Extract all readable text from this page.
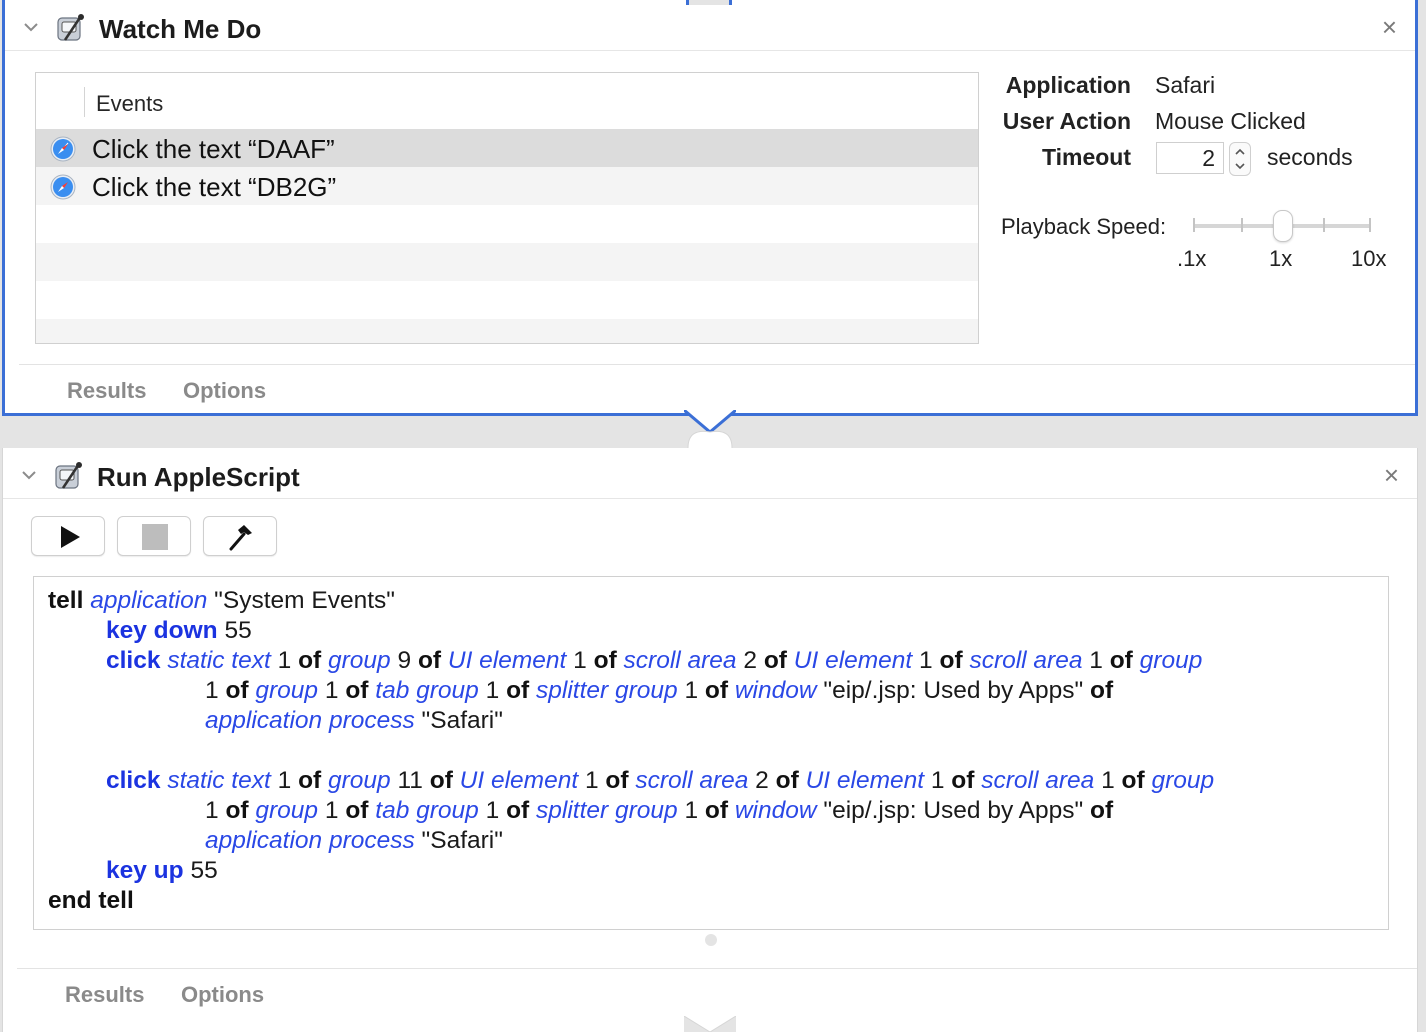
Watch Me Do	×
Events
Click the text “DAAF”
Click the text “DB2G”
Application Safari
User Action Mouse Clicked
Timeout	2	seconds
Playback Speed:
.1x	1x	10x
Results Options
Run AppleScript	×
tell application "System Events"
key down 55
click static text 1 of group 9 of UI element 1 of scroll area 2 of UI element 1 of scroll area 1 of group
1 of group 1 of tab group 1 of splitter group 1 of window "eip/.jsp: Used by Apps" of
application process "Safari"
click static text 1 of group 11 of UI element 1 of scroll area 2 of UI element 1 of scroll area 1 of group
1 of group 1 of tab group 1 of splitter group 1 of window "eip/.jsp: Used by Apps" of
application process "Safari"
key up 55
end tell
Results Options
